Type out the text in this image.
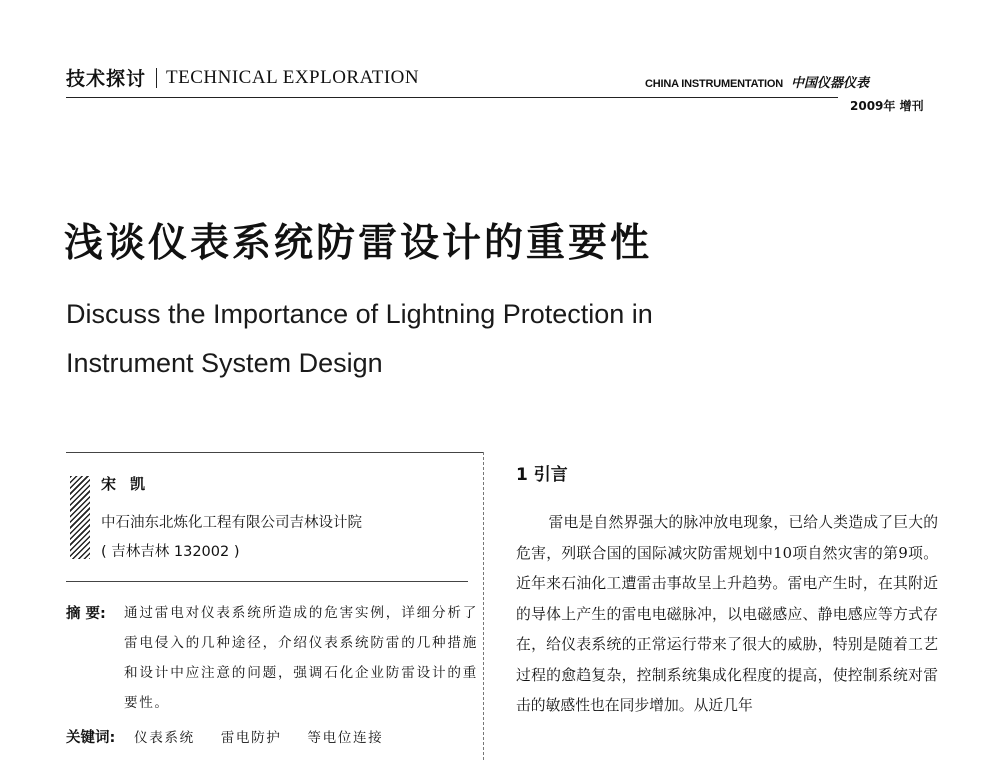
技术探讨 TECHNICAL EXPLORATION	CHINA INSTRUMENTATION 中国仪器仪表
2009年 增刊
浅谈仪表系统防雷设计的重要性
Discuss the Importance of Lightning Protection in Instrument System Design
宋凯
中石油东北炼化工程有限公司吉林设计院
( 吉林吉林 132002 )
摘 要: 通过雷电对仪表系统所造成的危害实例，详细分析了雷电侵入的几种途径，介绍仪表系统防雷的几种措施和设计中应注意的问题，强调石化企业防雷设计的重要性。
关键词: 仪表系统 雷电防护 等电位连接
1 引言
雷电是自然界强大的脉冲放电现象，已给人类造成了巨大的危害，列联合国的国际减灾防雷规划中10项自然灾害的第9项。近年来石油化工遭雷击事故呈上升趋势。雷电产生时，在其附近的导体上产生的雷电电磁脉冲，以电磁感应、静电感应等方式存在，给仪表系统的正常运行带来了很大的威胁，特别是随着工艺过程的愈趋复杂，控制系统集成化程度的提高，使控制系统对雷击的敏感性也在同步增加。从近几年
